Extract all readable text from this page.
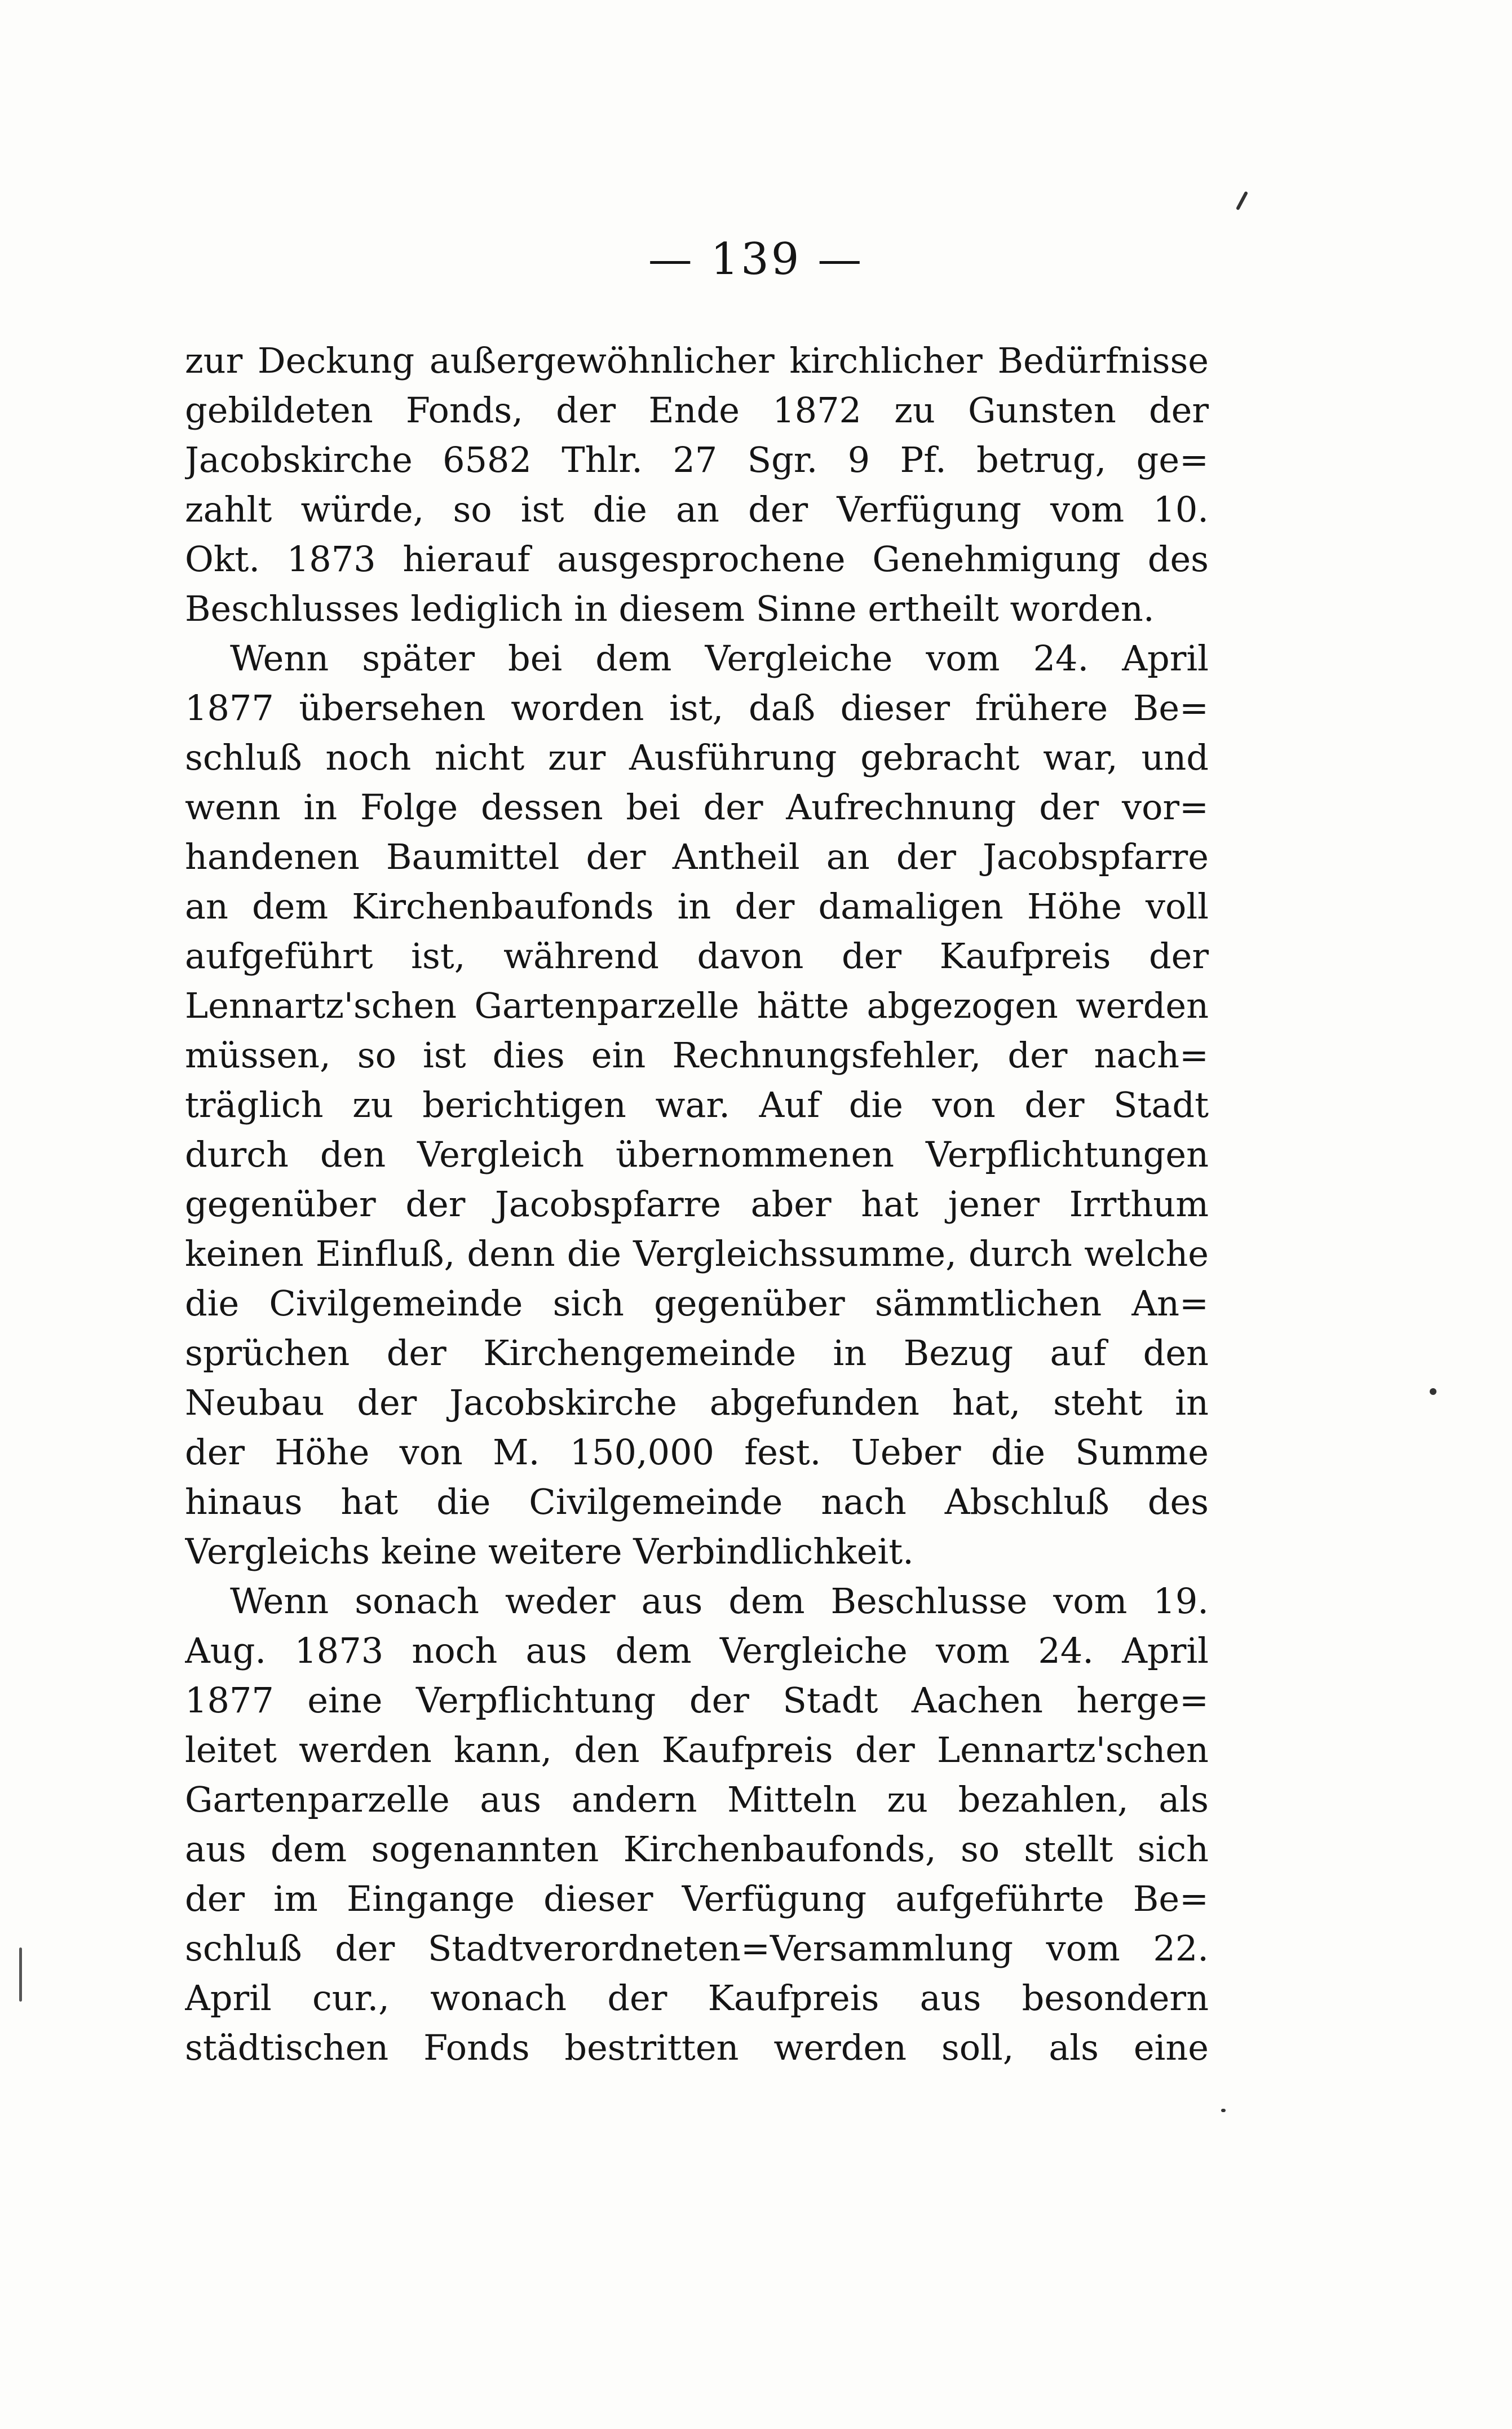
— 139 —
zur Deckung außergewöhnlicher kirchlicher Bedürfnisse
gebildeten Fonds, der Ende 1872 zu Gunsten der
Jacobskirche 6582 Thlr. 27 Sgr. 9 Pf. betrug, ge=
zahlt würde, so ist die an der Verfügung vom 10.
Okt. 1873 hierauf ausgesprochene Genehmigung des
Beschlusses lediglich in diesem Sinne ertheilt worden.
Wenn später bei dem Vergleiche vom 24. April
1877 übersehen worden ist, daß dieser frühere Be=
schluß noch nicht zur Ausführung gebracht war, und
wenn in Folge dessen bei der Aufrechnung der vor=
handenen Baumittel der Antheil an der Jacobspfarre
an dem Kirchenbaufonds in der damaligen Höhe voll
aufgeführt ist, während davon der Kaufpreis der
Lennartz'schen Gartenparzelle hätte abgezogen werden
müssen, so ist dies ein Rechnungsfehler, der nach=
träglich zu berichtigen war. Auf die von der Stadt
durch den Vergleich übernommenen Verpflichtungen
gegenüber der Jacobspfarre aber hat jener Irrthum
keinen Einfluß, denn die Vergleichssumme, durch welche
die Civilgemeinde sich gegenüber sämmtlichen An=
sprüchen der Kirchengemeinde in Bezug auf den
Neubau der Jacobskirche abgefunden hat, steht in
der Höhe von M. 150,000 fest. Ueber die Summe
hinaus hat die Civilgemeinde nach Abschluß des
Vergleichs keine weitere Verbindlichkeit.
Wenn sonach weder aus dem Beschlusse vom 19.
Aug. 1873 noch aus dem Vergleiche vom 24. April
1877 eine Verpflichtung der Stadt Aachen herge=
leitet werden kann, den Kaufpreis der Lennartz'schen
Gartenparzelle aus andern Mitteln zu bezahlen, als
aus dem sogenannten Kirchenbaufonds, so stellt sich
der im Eingange dieser Verfügung aufgeführte Be=
schluß der Stadtverordneten=Versammlung vom 22.
April cur., wonach der Kaufpreis aus besondern
städtischen Fonds bestritten werden soll, als eine
